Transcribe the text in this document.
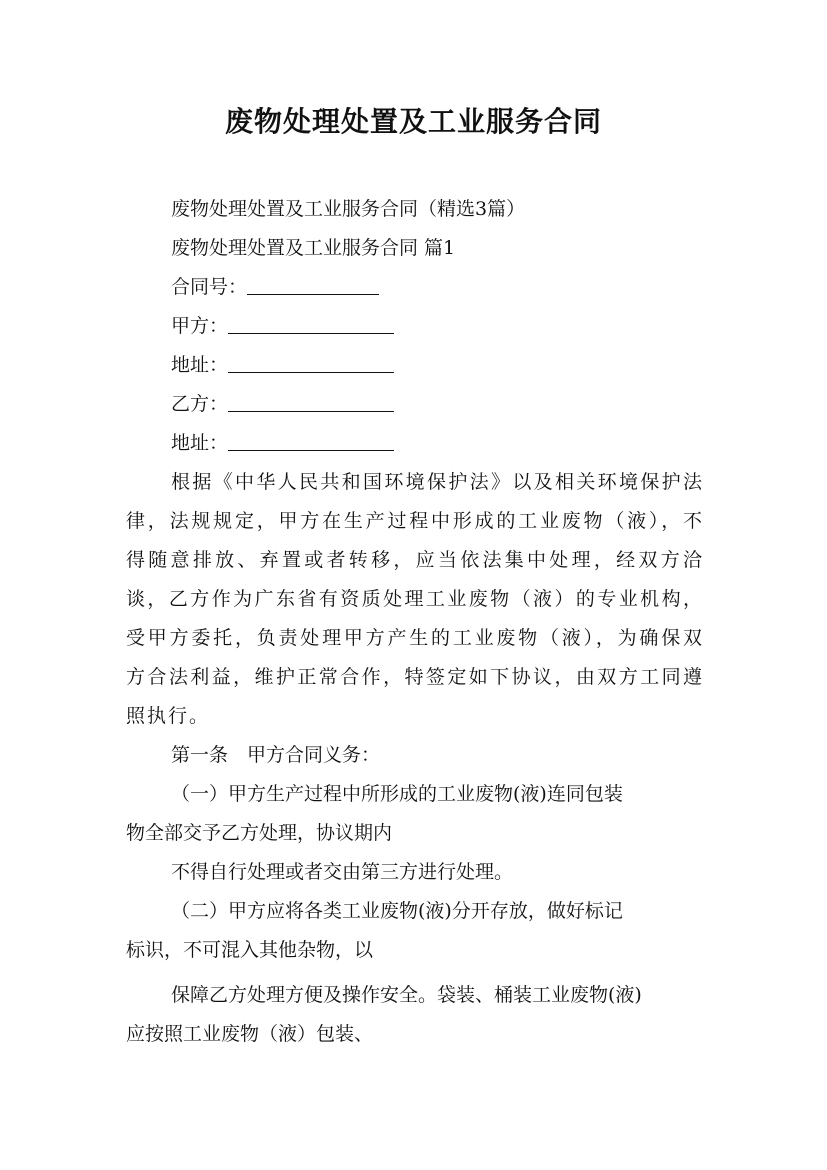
废物处理处置及工业服务合同
废物处理处置及工业服务合同（精选3篇）
废物处理处置及工业服务合同 篇1
合同号：
甲方：
地址：
乙方：
地址：
根据《中华人民共和国环境保护法》以及相关环境保护法律，法规规定，甲方在生产过程中形成的工业废物（液），不得随意排放、弃置或者转移，应当依法集中处理，经双方洽谈，乙方作为广东省有资质处理工业废物（液）的专业机构，受甲方委托，负责处理甲方产生的工业废物（液），为确保双方合法利益，维护正常合作，特签定如下协议，由双方工同遵照执行。
第一条　甲方合同义务：
（一）甲方生产过程中所形成的工业废物(液)连同包装
物全部交予乙方处理，协议期内
不得自行处理或者交由第三方进行处理。
（二）甲方应将各类工业废物(液)分开存放，做好标记
标识，不可混入其他杂物，以
保障乙方处理方便及操作安全。袋装、桶装工业废物(液)
应按照工业废物（液）包装、
